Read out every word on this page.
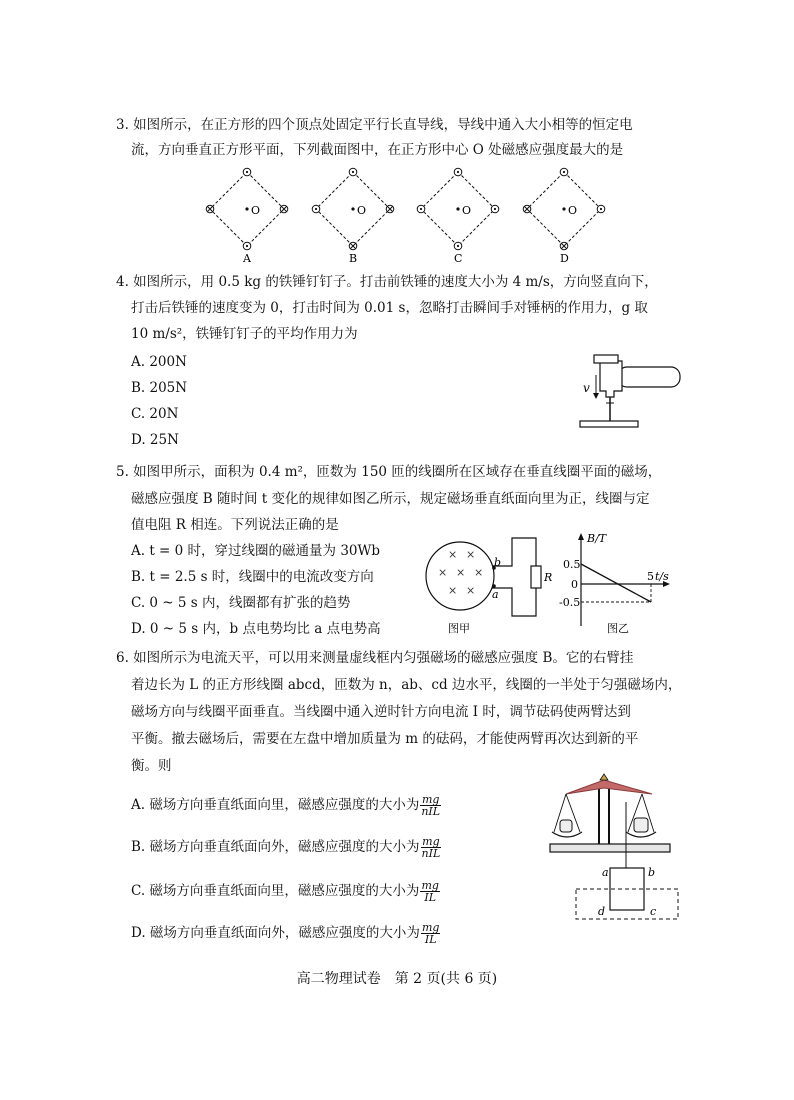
3. 如图所示，在正方形的四个顶点处固定平行长直导线，导线中通入大小相等的恒定电
流，方向垂直正方形平面，下列截面图中，在正方形中心 O 处磁感应强度最大的是
O
A
O
B
O
C
O
D
4. 如图所示，用 0.5 kg 的铁锤钉钉子。打击前铁锤的速度大小为 4 m/s，方向竖直向下，
打击后铁锤的速度变为 0，打击时间为 0.01 s，忽略打击瞬间手对锤柄的作用力，g 取
10 m/s²，铁锤钉钉子的平均作用力为
A. 200N
B. 205N
C. 20N
D. 25N
v
5. 如图甲所示，面积为 0.4 m²，匝数为 150 匝的线圈所在区域存在垂直线圈平面的磁场，
磁感应强度 B 随时间 t 变化的规律如图乙所示，规定磁场垂直纸面向里为正，线圈与定
值电阻 R 相连。下列说法正确的是
A. t = 0 时，穿过线圈的磁通量为 30Wb
B. t = 2.5 s 时，线圈中的电流改变方向
C. 0 ~ 5 s 内，线圈都有扩张的趋势
D. 0 ~ 5 s 内，b 点电势均比 a 点电势高
× ×
× × ×
× ×
b
a
R
图甲
B/T
t/s
0.5
0
-0.5
5
图乙
6. 如图所示为电流天平，可以用来测量虚线框内匀强磁场的磁感应强度 B。它的右臂挂
着边长为 L 的正方形线圈 abcd，匝数为 n，ab、cd 边水平，线圈的一半处于匀强磁场内，
磁场方向与线圈平面垂直。当线圈中通入逆时针方向电流 I 时，调节砝码使两臂达到
平衡。撤去磁场后，需要在左盘中增加质量为 m 的砝码，才能使两臂再次达到新的平
衡。则
A. 磁场方向垂直纸面向里，磁感应强度的大小为 $\frac{mg}{\text{nIL}}$
B. 磁场方向垂直纸面向外，磁感应强度的大小为 $\frac{mg}{\text{nIL}}$
C. 磁场方向垂直纸面向里，磁感应强度的大小为 $\frac{mg}{IL}$
D. 磁场方向垂直纸面向外，磁感应强度的大小为 $\frac{mg}{IL}$
a	b
c
d
高二物理试卷　第 2 页(共 6 页)
